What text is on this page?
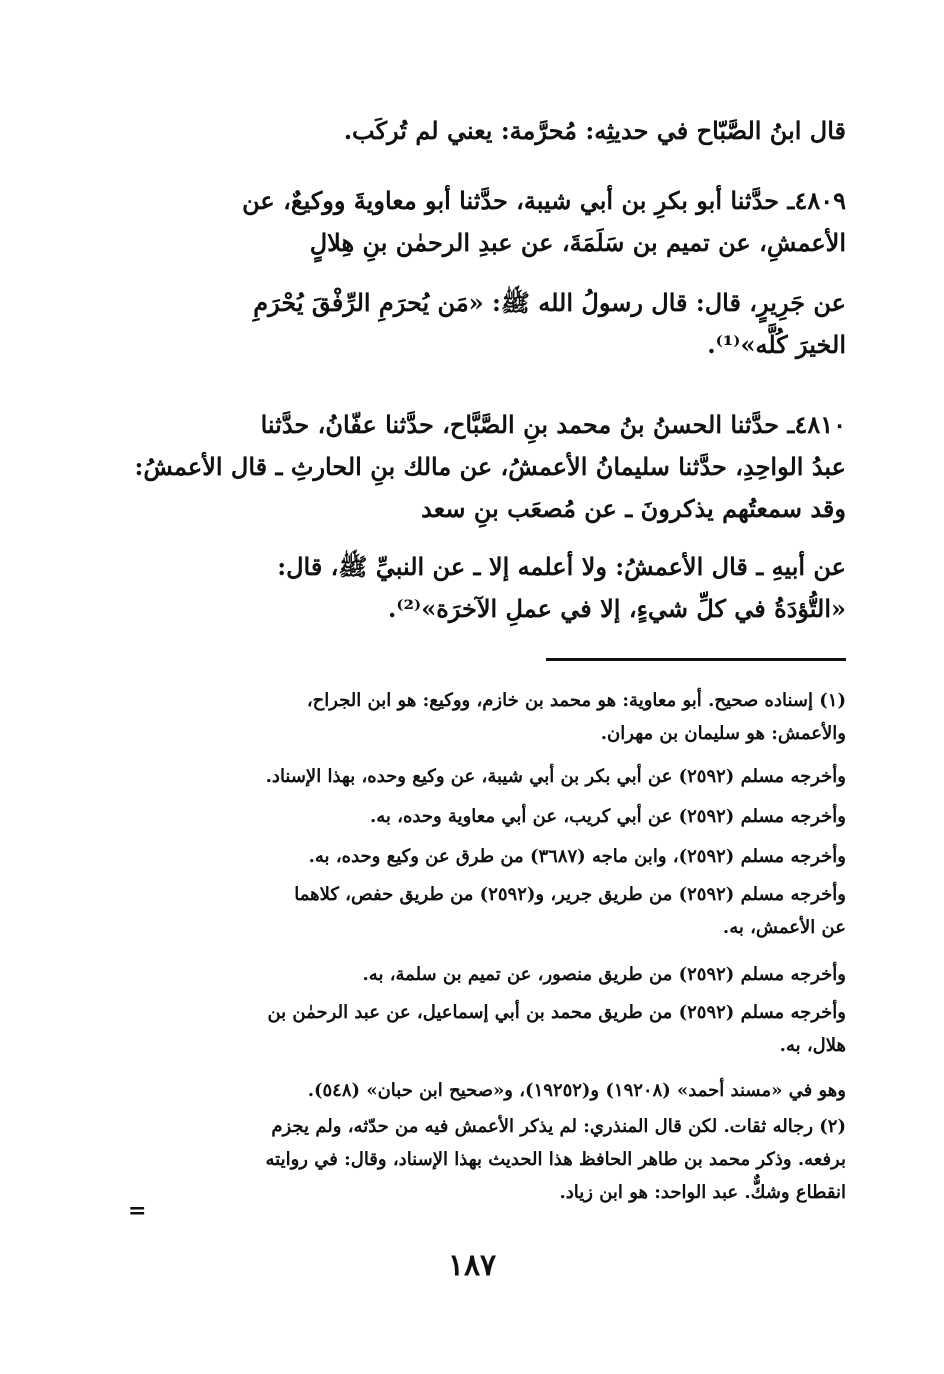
قال ابنُ الصَّبّاح في حديثِه: مُحرَّمة: يعني لم تُركَب.

٤٨٠٩ـ حدَّثنا أبو بكرِ بن أبي شيبة، حدَّثنا أبو معاويةَ ووكيعٌ، عن
الأعمشِ، عن تميم بن سَلَمَةَ، عن عبدِ الرحمٰن بنِ هِلالٍ

عن جَرِيرٍ، قال: قال رسولُ الله ﷺ: «مَن يُحرَمِ الرِّفْقَ يُحْرَمِ
الخيرَ كُلَّه»⁽¹⁾.

٤٨١٠ـ حدَّثنا الحسنُ بنُ محمد بنِ الصَّبَّاح، حدَّثنا عفّانُ، حدَّثنا
عبدُ الواحِدِ، حدَّثنا سليمانُ الأعمشُ، عن مالك بنِ الحارثِ ـ قال الأعمشُ:
وقد سمعتُهم يذكرونَ ـ عن مُصعَب بنِ سعد

عن أبيهِ ـ قال الأعمشُ: ولا أعلمه إلا ـ عن النبيِّ ﷺ، قال:
«التُّؤدَةُ في كلِّ شيءٍ، إلا في عملِ الآخرَة»⁽²⁾.

(١) إسناده صحيح. أبو معاوية: هو محمد بن خازم، ووكيع: هو ابن الجراح،
والأعمش: هو سليمان بن مهران.

وأخرجه مسلم (٢٥٩٢) عن أبي بكر بن أبي شيبة، عن وكيع وحده، بهذا الإسناد.

وأخرجه مسلم (٢٥٩٢) عن أبي كريب، عن أبي معاوية وحده، به.

وأخرجه مسلم (٢٥٩٢)، وابن ماجه (٣٦٨٧) من طرق عن وكيع وحده، به.

وأخرجه مسلم (٢٥٩٢) من طريق جرير، و(٢٥٩٢) من طريق حفص، كلاهما
عن الأعمش، به.

وأخرجه مسلم (٢٥٩٢) من طريق منصور، عن تميم بن سلمة، به.

وأخرجه مسلم (٢٥٩٢) من طريق محمد بن أبي إسماعيل، عن عبد الرحمٰن بن
هلال، به.

وهو في «مسند أحمد» (١٩٢٠٨) و(١٩٢٥٢)، و«صحيح ابن حبان» (٥٤٨).

(٢) رجاله ثقات. لكن قال المنذري: لم يذكر الأعمش فيه من حدّثه، ولم يجزم
برفعه. وذكر محمد بن طاهر الحافظ هذا الحديث بهذا الإسناد، وقال: في روايته
انقطاع وشكٌّ. عبد الواحد: هو ابن زياد.

=
١٨٧
